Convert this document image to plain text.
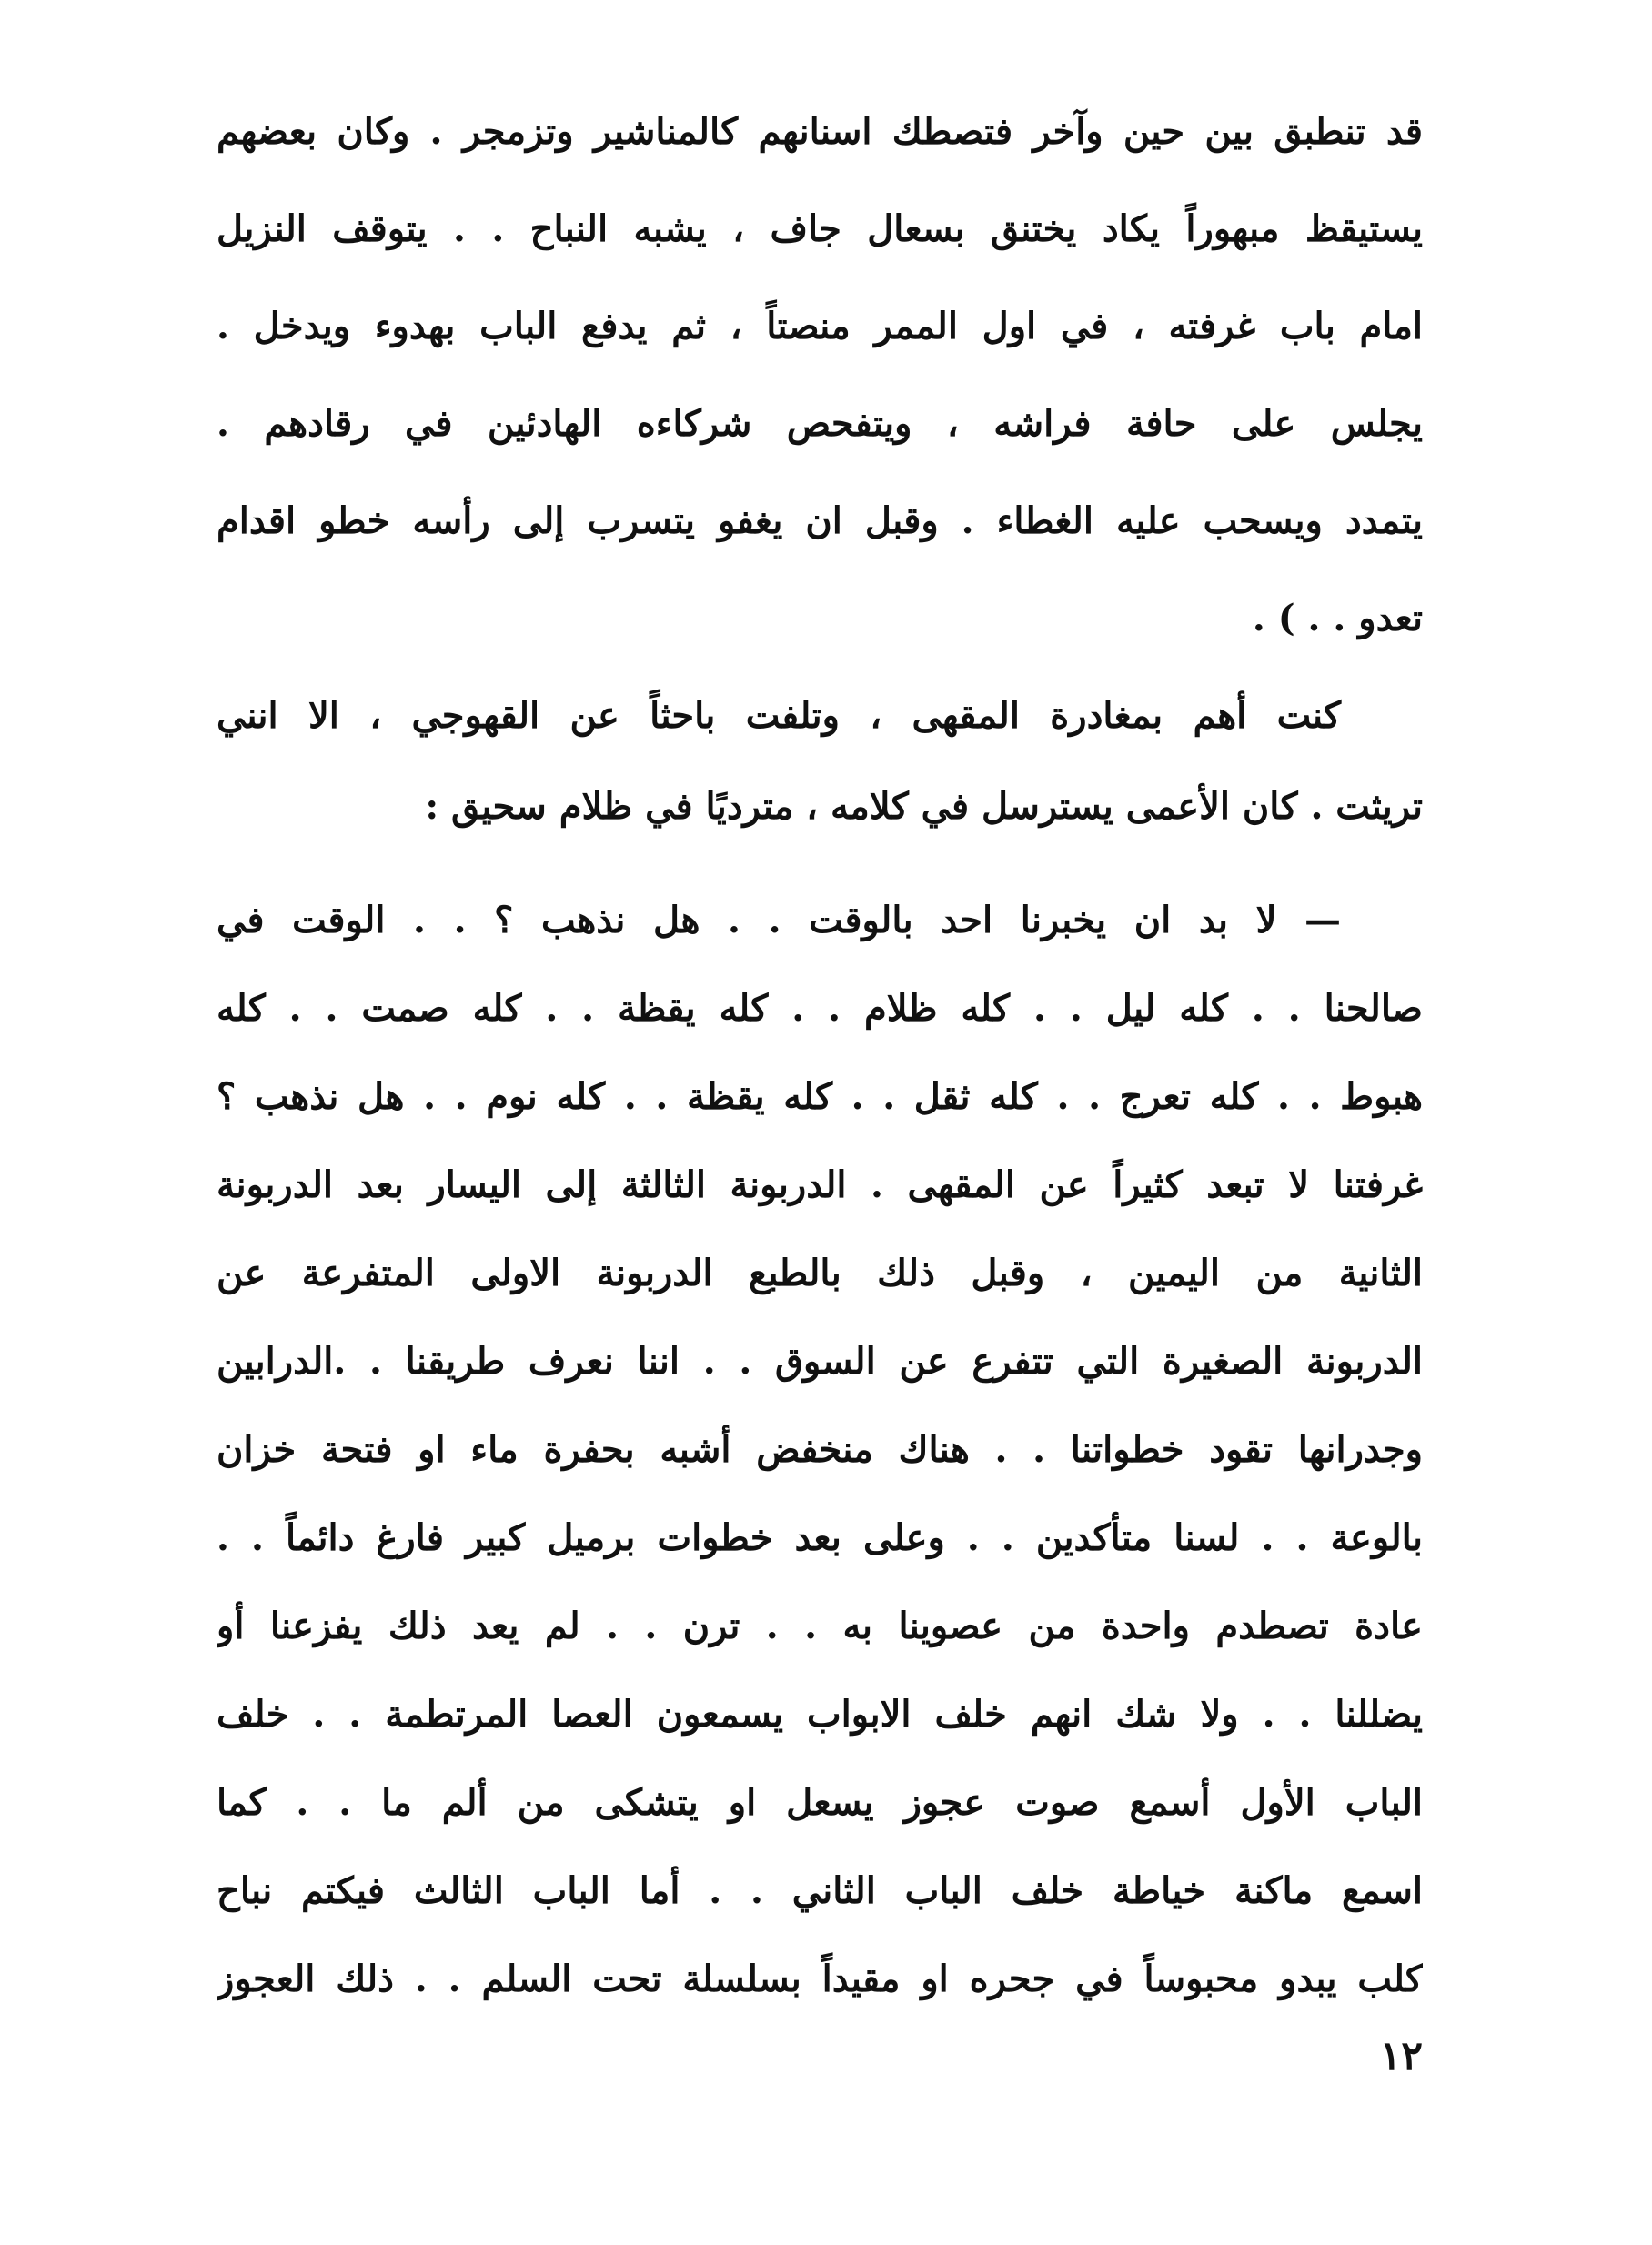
قد تنطبق بين حين وآخر فتصطك اسنانهم كالمناشير وتزمجر . وكان بعضهم
يستيقظ مبهوراً يكاد يختنق بسعال جاف ، يشبه النباح . . يتوقف النزيل
امام باب غرفته ، في اول الممر منصتاً ، ثم يدفع الباب بهدوء ويدخل .
يجلس على حافة فراشه ، ويتفحص شركاءه الهادئين في رقادهم .
يتمدد ويسحب عليه الغطاء . وقبل ان يغفو يتسرب إلى رأسه خطو اقدام
تعدو . . ) .
كنت أهم بمغادرة المقهى ، وتلفت باحثاً عن القهوجي ، الا انني
تريثت . كان الأعمى يسترسل في كلامه ، مترديًا في ظلام سحيق :
— لا بد ان يخبرنا احد بالوقت . . هل نذهب ؟ . . الوقت في
صالحنا . . كله ليل . . كله ظلام . . كله يقظة . . كله صمت . . كله
هبوط . . كله تعرج . . كله ثقل . . كله يقظة . . كله نوم . . هل نذهب ؟
غرفتنا لا تبعد كثيراً عن المقهى . الدربونة الثالثة إلى اليسار بعد الدربونة
الثانية من اليمين ، وقبل ذلك بالطبع الدربونة الاولى المتفرعة عن
الدربونة الصغيرة التي تتفرع عن السوق . . اننا نعرف طريقنا . .الدرابين
وجدرانها تقود خطواتنا . . هناك منخفض أشبه بحفرة ماء او فتحة خزان
بالوعة . . لسنا متأكدين . . وعلى بعد خطوات برميل كبير فارغ دائماً . .
عادة تصطدم واحدة من عصوينا به . . ترن . . لم يعد ذلك يفزعنا أو
يضللنا . . ولا شك انهم خلف الابواب يسمعون العصا المرتطمة . . خلف
الباب الأول أسمع صوت عجوز يسعل او يتشكى من ألم ما . . كما
اسمع ماكنة خياطة خلف الباب الثاني . . أما الباب الثالث فيكتم نباح
كلب يبدو محبوساً في جحره او مقيداً بسلسلة تحت السلم . . ذلك العجوز
١٢
